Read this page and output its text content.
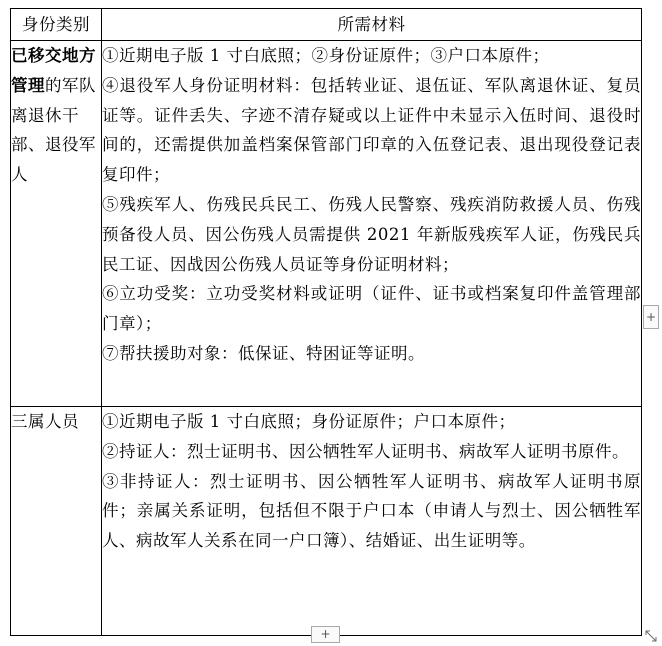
身份类别	所需材料
已移交地方管理的军队离退休干部、退役军人	①近期电子版 1 寸白底照；②身份证原件；③户口本原件；
④退役军人身份证明材料：包括转业证、退伍证、军队离退休证、复员证等。证件丢失、字迹不清存疑或以上证件中未显示入伍时间、退役时间的，还需提供加盖档案保管部门印章的入伍登记表、退出现役登记表复印件；
⑤残疾军人、伤残民兵民工、伤残人民警察、残疾消防救援人员、伤残预备役人员、因公伤残人员需提供 2021 年新版残疾军人证，伤残民兵民工证、因战因公伤残人员证等身份证明材料；
⑥立功受奖：立功受奖材料或证明（证件、证书或档案复印件盖管理部门章）；
⑦帮扶援助对象：低保证、特困证等证明。

三属人员	①近期电子版 1 寸白底照；身份证原件；户口本原件；
②持证人：烈士证明书、因公牺牲军人证明书、病故军人证明书原件。
③非持证人：烈士证明书、因公牺牲军人证明书、病故军人证明书原件；亲属关系证明，包括但不限于户口本（申请人与烈士、因公牺牲军人、病故军人关系在同一户口簿）、结婚证、出生证明等。
+
+
